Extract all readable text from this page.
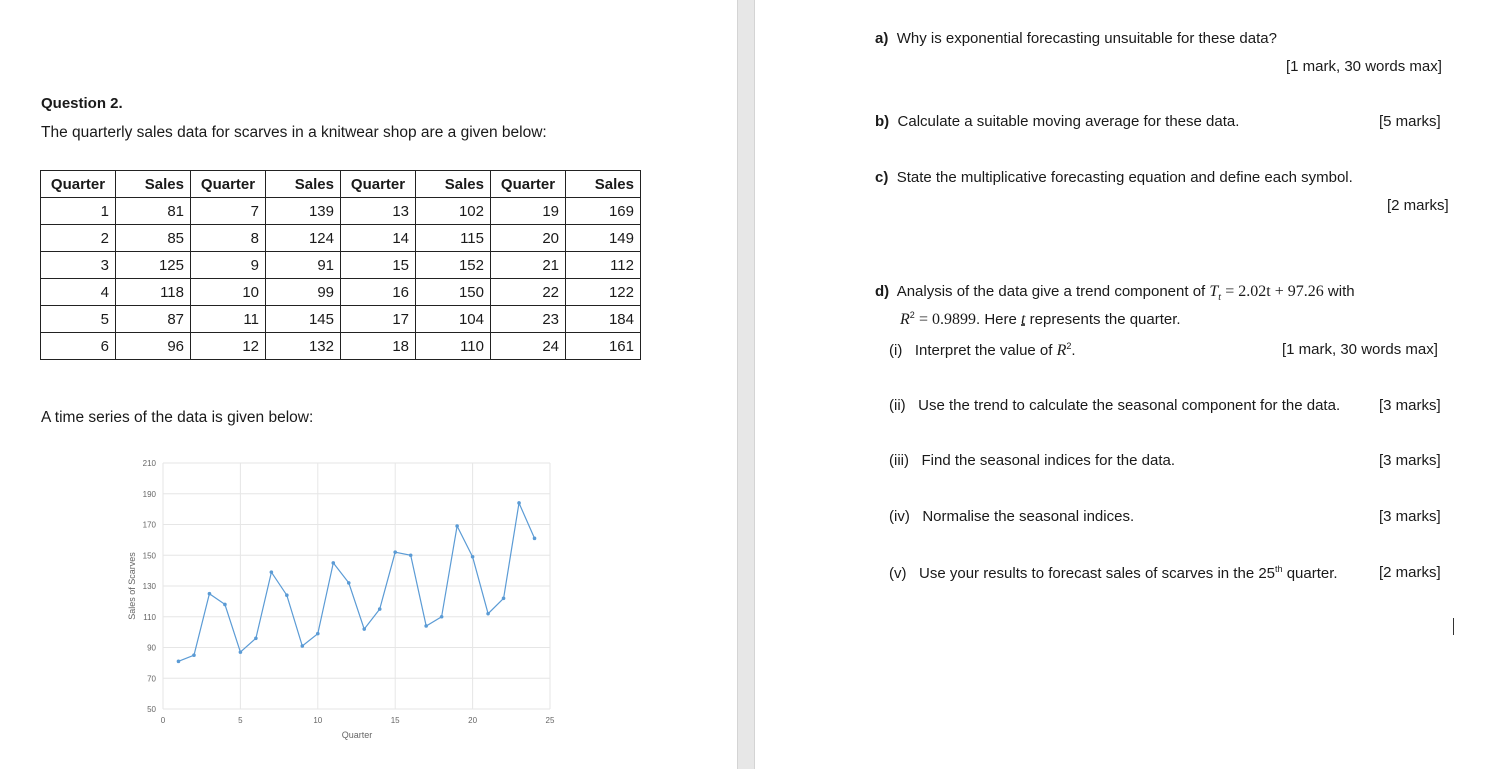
Question 2.
The quarterly sales data for scarves in a knitwear shop are a given below:
Quarter	Sales	Quarter	Sales	Quarter	Sales	Quarter	Sales
1	81	7	139	13	102	19	169
2	85	8	124	14	115	20	149
3	125	9	91	15	152	21	112
4	118	10	99	16	150	22	122
5	87	11	145	17	104	23	184
6	96	12	132	18	110	24	161
A time series of the data is given below:
50
70
90
110
130
150
170
190
210
0	5	10	15	20	25
Quarter
Sales of Scarves
a) Why is exponential forecasting unsuitable for these data?
[1 mark, 30 words max]
b) Calculate a suitable moving average for these data.	[5 marks]
c) State the multiplicative forecasting equation and define each symbol.
[2 marks]
d) Analysis of the data give a trend component of $T_t = 2.02t + 97.26$ with
$R^2 = 0.9899$. Here t represents the quarter.
(i) Interpret the value of $R^2$.	[1 mark, 30 words max]
(ii) Use the trend to calculate the seasonal component for the data.	[3 marks]
(iii) Find the seasonal indices for the data.	[3 marks]
(iv) Normalise the seasonal indices.	[3 marks]
(v) Use your results to forecast sales of scarves in the 25th quarter.	[2 marks]
